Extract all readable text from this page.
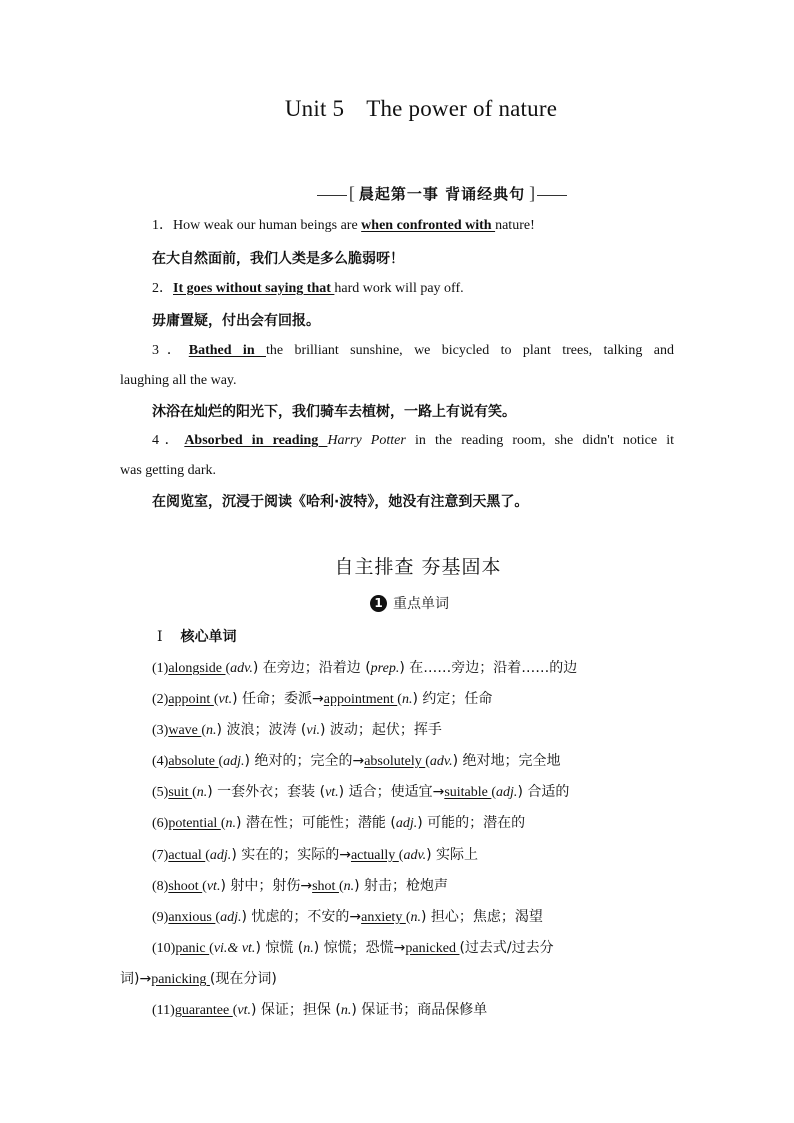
Unit 5 The power of nature
[ 晨起第一事 背诵经典句 ]
1．How weak our human beings are when confronted with nature!
在大自然面前，我们人类是多么脆弱呀！
2．It goes without saying that hard work will pay off.
毋庸置疑，付出会有回报。
3．Bathed in the brilliant sunshine, we bicycled to plant trees, talking and
laughing all the way.
沐浴在灿烂的阳光下，我们骑车去植树，一路上有说有笑。
4．Absorbed in reading Harry Potter in the reading room, she didn't notice it
was getting dark.
在阅览室，沉浸于阅读《哈利·波特》，她没有注意到天黑了。
自主排查 夯基固本
1 重点单词
Ⅰ 核心单词
(1)alongside (adv.) 在旁边；沿着边 (prep.) 在……旁边；沿着……的边
(2)appoint (vt.) 任命；委派→appointment (n.) 约定；任命
(3)wave (n.) 波浪；波涛 (vi.) 波动；起伏；挥手
(4)absolute (adj.) 绝对的；完全的→absolutely (adv.) 绝对地；完全地
(5)suit (n.) 一套外衣；套装 (vt.) 适合；使适宜→suitable (adj.) 合适的
(6)potential (n.) 潜在性；可能性；潜能 (adj.) 可能的；潜在的
(7)actual (adj.) 实在的；实际的→actually (adv.) 实际上
(8)shoot (vt.) 射中；射伤→shot (n.) 射击；枪炮声
(9)anxious (adj.) 忧虑的；不安的→anxiety (n.) 担心；焦虑；渴望
(10)panic (vi.& vt.) 惊慌 (n.) 惊慌；恐慌→panicked (过去式/过去分
词)→panicking (现在分词)
(11)guarantee (vt.) 保证；担保 (n.) 保证书；商品保修单
